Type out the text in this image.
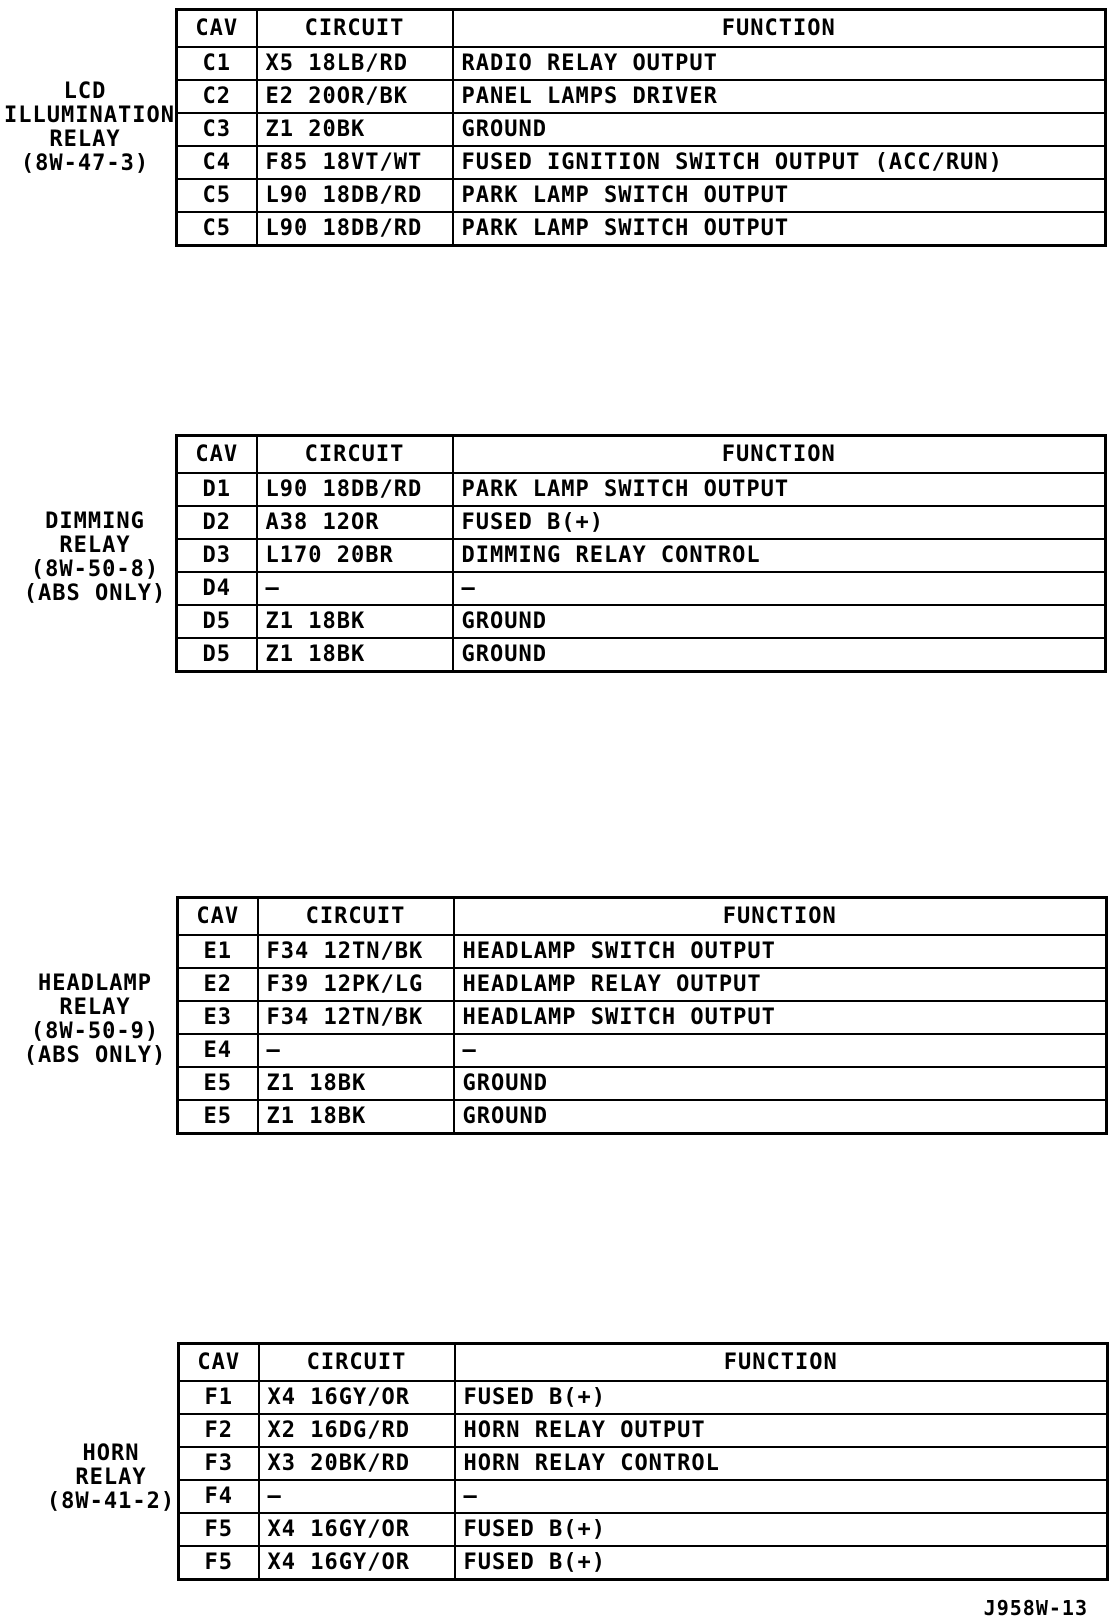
LCD
ILLUMINATION
RELAY
(8W-47-3)
CAV	CIRCUIT	FUNCTION
C1	X5 18LB/RD	RADIO RELAY OUTPUT
C2	E2 20OR/BK	PANEL LAMPS DRIVER
C3	Z1 20BK	GROUND
C4	F85 18VT/WT	FUSED IGNITION SWITCH OUTPUT (ACC/RUN)
C5	L90 18DB/RD	PARK LAMP SWITCH OUTPUT
C5	L90 18DB/RD	PARK LAMP SWITCH OUTPUT
DIMMING
RELAY
(8W-50-8)
(ABS ONLY)
CAV	CIRCUIT	FUNCTION
D1	L90 18DB/RD	PARK LAMP SWITCH OUTPUT
D2	A38 12OR	FUSED B(+)
D3	L170 20BR	DIMMING RELAY CONTROL
D4	—	—
D5	Z1 18BK	GROUND
D5	Z1 18BK	GROUND
HEADLAMP
RELAY
(8W-50-9)
(ABS ONLY)
CAV	CIRCUIT	FUNCTION
E1	F34 12TN/BK	HEADLAMP SWITCH OUTPUT
E2	F39 12PK/LG	HEADLAMP RELAY OUTPUT
E3	F34 12TN/BK	HEADLAMP SWITCH OUTPUT
E4	—	—
E5	Z1 18BK	GROUND
E5	Z1 18BK	GROUND
HORN
RELAY
(8W-41-2)
CAV	CIRCUIT	FUNCTION
F1	X4 16GY/OR	FUSED B(+)
F2	X2 16DG/RD	HORN RELAY OUTPUT
F3	X3 20BK/RD	HORN RELAY CONTROL
F4	—	—
F5	X4 16GY/OR	FUSED B(+)
F5	X4 16GY/OR	FUSED B(+)
J958W-13
